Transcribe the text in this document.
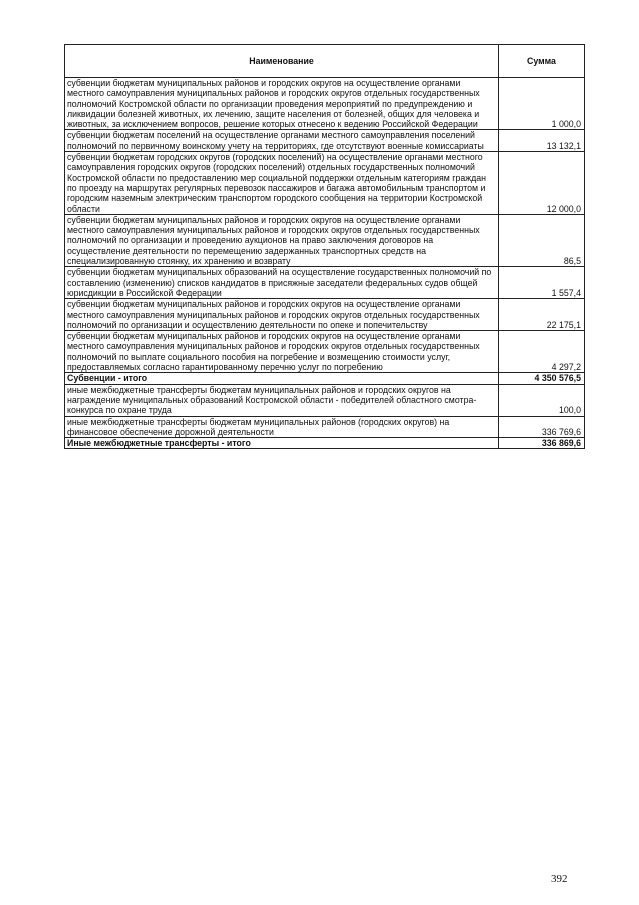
Наименование	Сумма
субвенции бюджетам муниципальных районов и городских округов на осуществление органами местного самоуправления муниципальных районов и городских округов отдельных государственных полномочий Костромской области по организации проведения мероприятий по предупреждению и ликвидации болезней животных, их лечению, защите населения от болезней, общих для человека и животных, за исключением вопросов, решение которых отнесено к ведению Российской Федерации	1 000,0
субвенции бюджетам поселений на осуществление органами местного самоуправления поселений полномочий по первичному воинскому учету на территориях, где отсутствуют военные комиссариаты	13 132,1
субвенции бюджетам городских округов (городских поселений) на осуществление органами местного самоуправления городских округов (городских поселений) отдельных государственных полномочий Костромской области по предоставлению мер социальной поддержки отдельным категориям граждан по проезду на маршрутах регулярных перевозок пассажиров и багажа автомобильным транспортом и городским наземным электрическим транспортом городского сообщения на территории Костромской области	12 000,0
субвенции бюджетам муниципальных районов и городских округов на осуществление органами местного самоуправления муниципальных районов и городских округов отдельных государственных полномочий по организации и проведению аукционов на право заключения договоров на осуществление деятельности по перемещению задержанных транспортных средств на специализированную стоянку, их хранению и возврату	86,5
субвенции бюджетам муниципальных образований на осуществление государственных полномочий по составлению (изменению) списков кандидатов в присяжные заседатели федеральных судов общей юрисдикции в Российской Федерации	1 557,4
субвенции бюджетам муниципальных районов и городских округов на осуществление органами местного самоуправления муниципальных районов и городских округов отдельных государственных полномочий по организации и осуществлению деятельности по опеке и попечительству	22 175,1
субвенции бюджетам муниципальных районов и городских округов на осуществление органами местного самоуправления муниципальных районов и городских округов отдельных государственных полномочий по выплате социального пособия на погребение и возмещению стоимости услуг, предоставляемых согласно гарантированному перечню услуг по погребению	4 297,2
Субвенции - итого	4 350 576,5
иные межбюджетные трансферты бюджетам муниципальных районов и городских округов на награждение муниципальных образований Костромской области - победителей областного смотра-конкурса по охране труда	100,0
иные межбюджетные трансферты бюджетам муниципальных районов (городских округов) на финансовое обеспечение дорожной деятельности	336 769,6
Иные межбюджетные трансферты - итого	336 869,6
392
